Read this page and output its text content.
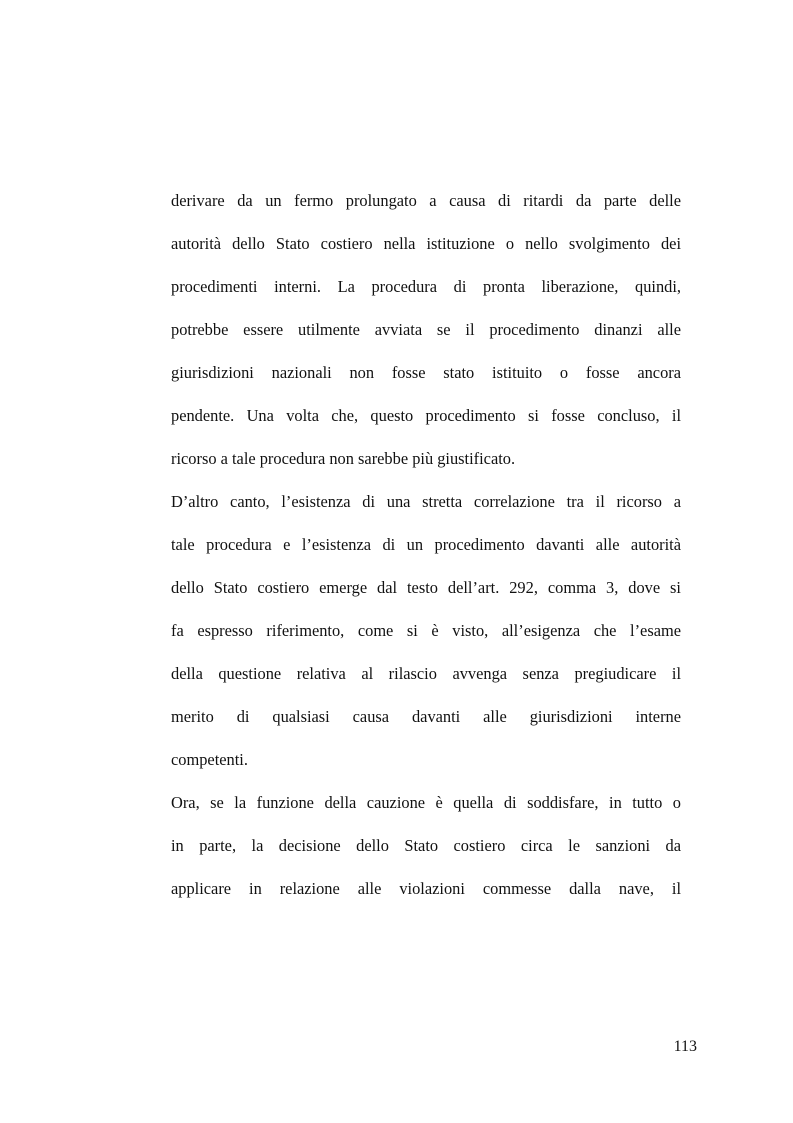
derivare da un fermo prolungato a causa di ritardi da parte delle
autorità dello Stato costiero nella istituzione o nello svolgimento dei
procedimenti interni. La procedura di pronta liberazione, quindi,
potrebbe essere utilmente avviata se il procedimento dinanzi alle
giurisdizioni nazionali non fosse stato istituito o fosse ancora
pendente. Una volta che, questo procedimento si fosse concluso, il
ricorso a tale procedura non sarebbe più giustificato.
D’altro canto, l’esistenza di una stretta correlazione tra il ricorso a
tale procedura e l’esistenza di un procedimento davanti alle autorità
dello Stato costiero emerge dal testo dell’art. 292, comma 3, dove si
fa espresso riferimento, come si è visto, all’esigenza che l’esame
della questione relativa al rilascio avvenga senza pregiudicare il
merito di qualsiasi causa davanti alle giurisdizioni interne
competenti.
Ora, se la funzione della cauzione è quella di soddisfare, in tutto o
in parte, la decisione dello Stato costiero circa le sanzioni da
applicare in relazione alle violazioni commesse dalla nave, il
113
